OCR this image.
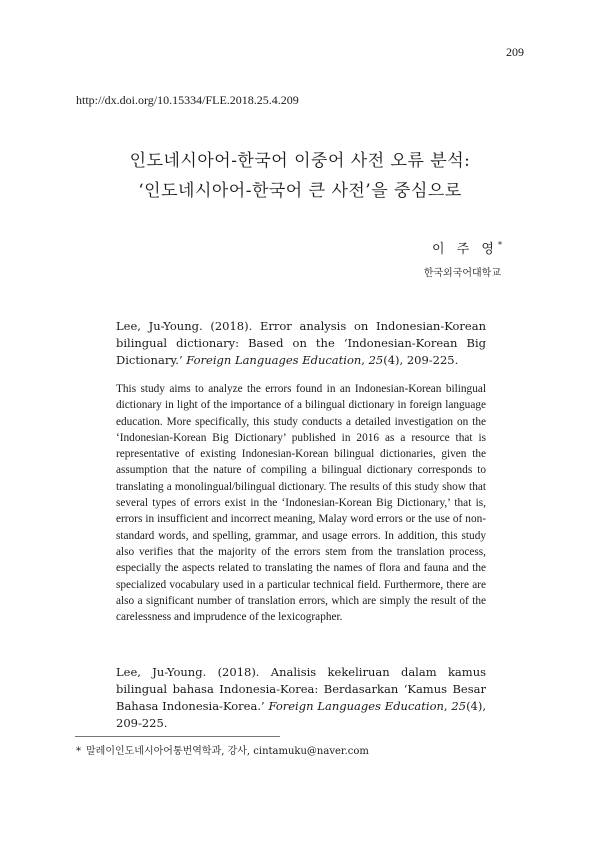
209
http://dx.doi.org/10.15334/FLE.2018.25.4.209
인도네시아어-한국어 이중어 사전 오류 분석:
‘인도네시아어-한국어 큰 사전’을 중심으로
이 주 영*
한국외국어대학교
Lee, Ju-Young. (2018). Error analysis on Indonesian-Korean bilingual dictionary: Based on the ‘Indonesian-Korean Big Dictionary.’ Foreign Languages Education, 25(4), 209-225.
This study aims to analyze the errors found in an Indonesian-Korean bilingual dictionary in light of the importance of a bilingual dictionary in foreign language education. More specifically, this study conducts a detailed investigation on the ‘Indonesian-Korean Big Dictionary’ published in 2016 as a resource that is representative of existing Indonesian-Korean bilingual dictionaries, given the assumption that the nature of compiling a bilingual dictionary corresponds to translating a monolingual/bilingual dictionary. The results of this study show that several types of errors exist in the ‘Indonesian-Korean Big Dictionary,’ that is, errors in insufficient and incorrect meaning, Malay word errors or the use of non-standard words, and spelling, grammar, and usage errors. In addition, this study also verifies that the majority of the errors stem from the translation process, especially the aspects related to translating the names of flora and fauna and the specialized vocabulary used in a particular technical field. Furthermore, there are also a significant number of translation errors, which are simply the result of the carelessness and imprudence of the lexicographer.
Lee, Ju-Young. (2018). Analisis kekeliruan dalam kamus bilingual bahasa Indonesia-Korea: Berdasarkan ‘Kamus Besar Bahasa Indonesia-Korea.’ Foreign Languages Education, 25(4), 209-225.
* 말레이인도네시아어통번역학과, 강사, cintamuku@naver.com
